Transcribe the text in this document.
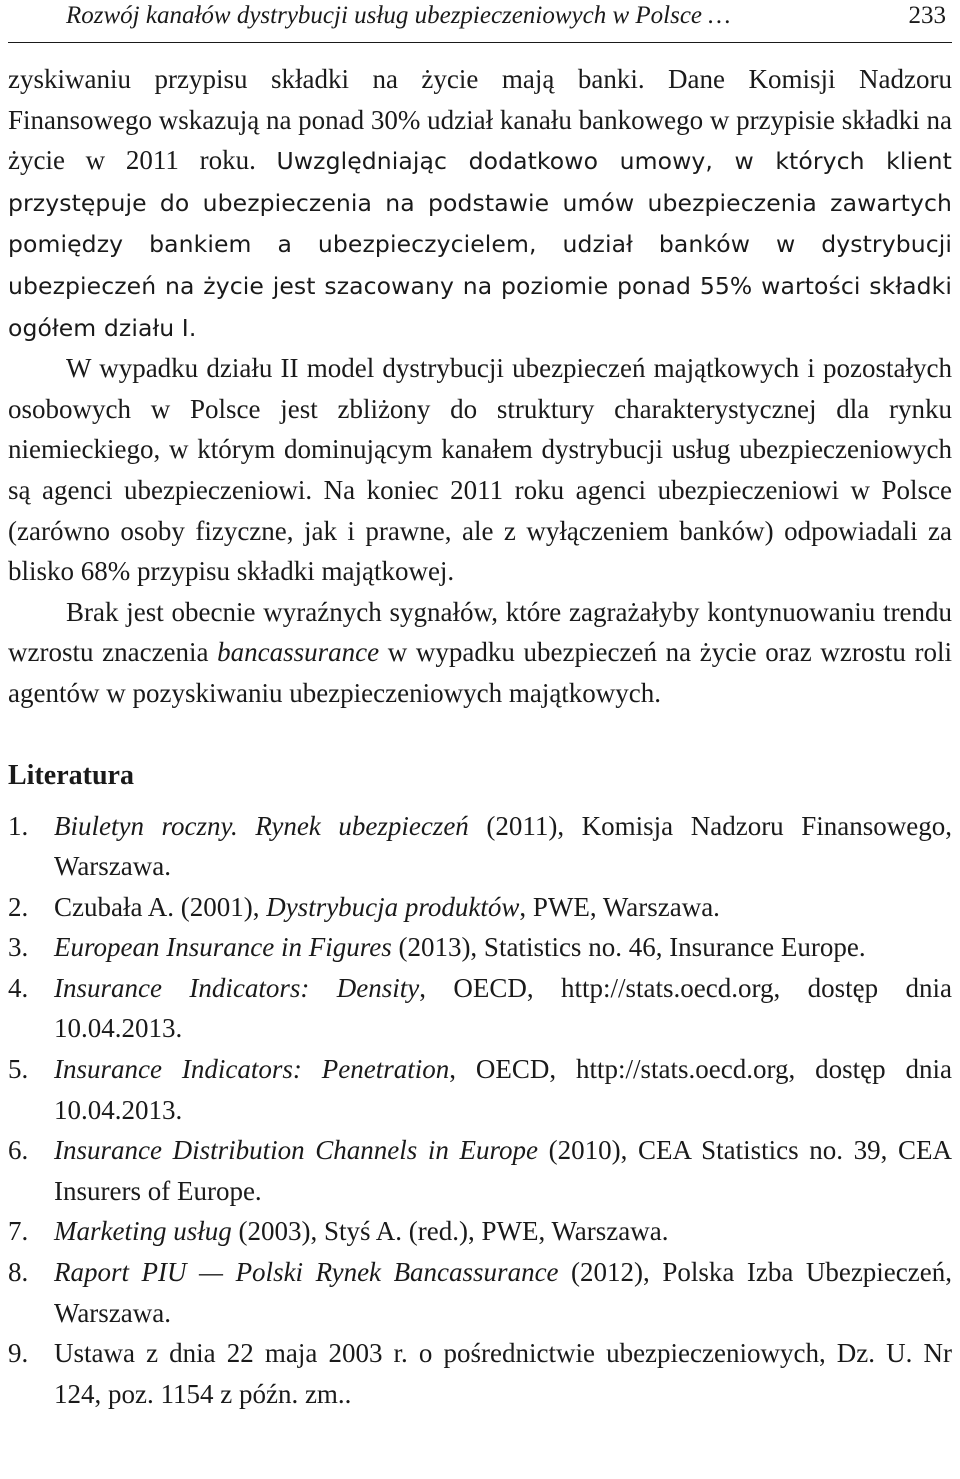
Rozwój kanałów dystrybucji usług ubezpieczeniowych w Polsce …	233

zyskiwaniu przypisu składki na życie mają banki. Dane Komisji Nadzoru Finansowego wskazują na ponad 30% udział kanału bankowego w przypisie składki na życie w 2011 roku. Uwzględniając dodatkowo umowy, w których klient przystępuje do ubezpieczenia na podstawie umów ubezpieczenia zawartych pomiędzy bankiem a ubezpieczycielem, udział banków w dystrybucji ubezpieczeń na życie jest szacowany na poziomie ponad 55% wartości składki ogółem działu I.

W wypadku działu II model dystrybucji ubezpieczeń majątkowych i pozostałych osobowych w Polsce jest zbliżony do struktury charakterystycznej dla rynku niemieckiego, w którym dominującym kanałem dystrybucji usług ubezpieczeniowych są agenci ubezpieczeniowi. Na koniec 2011 roku agenci ubezpieczeniowi w Polsce (zarówno osoby fizyczne, jak i prawne, ale z wyłączeniem banków) odpowiadali za blisko 68% przypisu składki majątkowej.

Brak jest obecnie wyraźnych sygnałów, które zagrażałyby kontynuowaniu trendu wzrostu znaczenia bancassurance w wypadku ubezpieczeń na życie oraz wzrostu roli agentów w pozyskiwaniu ubezpieczeniowych majątkowych.

Literatura
1. Biuletyn roczny. Rynek ubezpieczeń (2011), Komisja Nadzoru Finansowego, Warszawa.
2. Czubała A. (2001), Dystrybucja produktów, PWE, Warszawa.
3. European Insurance in Figures (2013), Statistics no. 46, Insurance Europe.
4. Insurance Indicators: Density, OECD, http://stats.oecd.org, dostęp dnia 10.04.2013.
5. Insurance Indicators: Penetration, OECD, http://stats.oecd.org, dostęp dnia 10.04.2013.
6. Insurance Distribution Channels in Europe (2010), CEA Statistics no. 39, CEA Insurers of Europe.
7. Marketing usług (2003), Styś A. (red.), PWE, Warszawa.
8. Raport PIU — Polski Rynek Bancassurance (2012), Polska Izba Ubezpieczeń, Warszawa.
9. Ustawa z dnia 22 maja 2003 r. o pośrednictwie ubezpieczeniowych, Dz. U. Nr 124, poz. 1154 z późn. zm..
